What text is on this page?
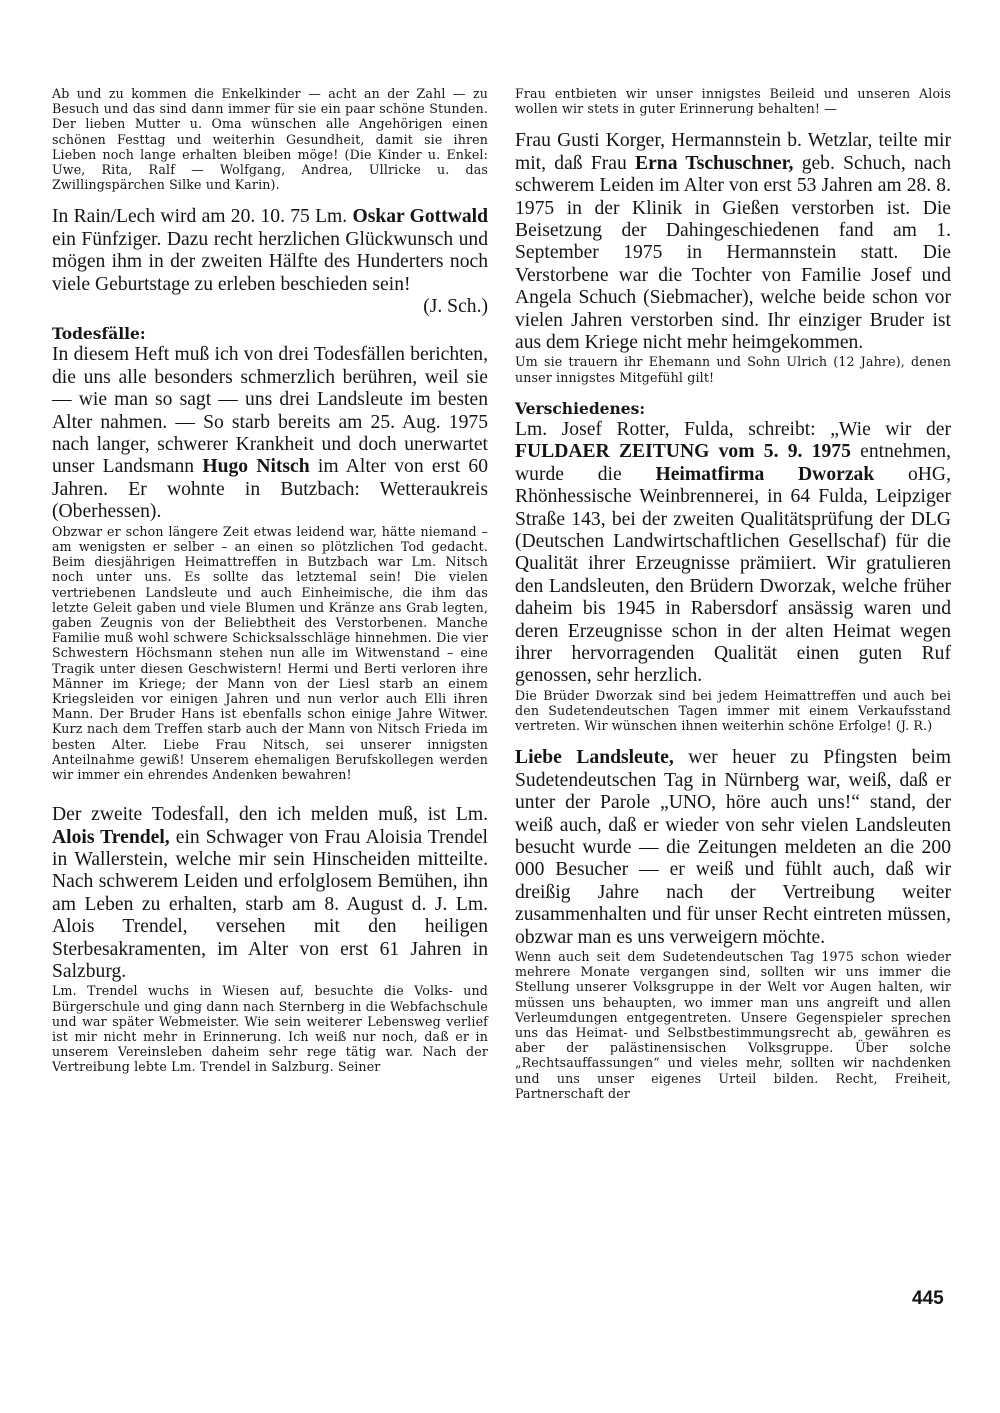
Ab und zu kommen die Enkelkinder — acht an der Zahl — zu Besuch und das sind dann immer für sie ein paar schöne Stunden. Der lieben Mutter u. Oma wünschen alle Angehörigen einen schönen Festtag und weiterhin Gesundheit, damit sie ihren Lieben noch lange erhalten bleiben möge! (Die Kinder u. Enkel: Uwe, Rita, Ralf — Wolfgang, Andrea, Ullricke u. das Zwillingspärchen Silke und Karin).

In Rain/Lech wird am 20. 10. 75 Lm. Oskar Gottwald ein Fünfziger. Dazu recht herzlichen Glückwunsch und mögen ihm in der zweiten Hälfte des Hunderters noch viele Geburtstage zu erleben beschieden sein!

(J. Sch.)
Todesfälle:

In diesem Heft muß ich von drei Todesfällen berichten, die uns alle besonders schmerzlich berühren, weil sie — wie man so sagt — uns drei Landsleute im besten Alter nahmen. — So starb bereits am 25. Aug. 1975 nach langer, schwerer Krankheit und doch unerwartet unser Landsmann Hugo Nitsch im Alter von erst 60 Jahren. Er wohnte in Butzbach: Wetteraukreis (Oberhessen).

Obzwar er schon längere Zeit etwas leidend war, hätte niemand – am wenigsten er selber – an einen so plötzlichen Tod gedacht. Beim diesjährigen Heimattreffen in Butzbach war Lm. Nitsch noch unter uns. Es sollte das letztemal sein! Die vielen vertriebenen Landsleute und auch Einheimische, die ihm das letzte Geleit gaben und viele Blumen und Kränze ans Grab legten, gaben Zeugnis von der Beliebtheit des Verstorbenen. Manche Familie muß wohl schwere Schicksalsschläge hinnehmen. Die vier Schwestern Höchsmann stehen nun alle im Witwenstand – eine Tragik unter diesen Geschwistern! Hermi und Berti verloren ihre Männer im Kriege; der Mann von der Liesl starb an einem Kriegsleiden vor einigen Jahren und nun verlor auch Elli ihren Mann. Der Bruder Hans ist ebenfalls schon einige Jahre Witwer. Kurz nach dem Treffen starb auch der Mann von Nitsch Frieda im besten Alter. Liebe Frau Nitsch, sei unserer innigsten Anteilnahme gewiß! Unserem ehemaligen Berufskollegen werden wir immer ein ehrendes Andenken bewahren!

Der zweite Todesfall, den ich melden muß, ist Lm. Alois Trendel, ein Schwager von Frau Aloisia Trendel in Wallerstein, welche mir sein Hinscheiden mitteilte. Nach schwerem Leiden und erfolglosem Bemühen, ihn am Leben zu erhalten, starb am 8. August d. J. Lm. Alois Trendel, versehen mit den heiligen Sterbesakramenten, im Alter von erst 61 Jahren in Salzburg.

Lm. Trendel wuchs in Wiesen auf, besuchte die Volks- und Bürgerschule und ging dann nach Sternberg in die Webfachschule und war später Webmeister. Wie sein weiterer Lebensweg verlief ist mir nicht mehr in Erinnerung. Ich weiß nur noch, daß er in unserem Vereinsleben daheim sehr rege tätig war. Nach der Vertreibung lebte Lm. Trendel in Salzburg. Seiner

Frau entbieten wir unser innigstes Beileid und unseren Alois wollen wir stets in guter Erinnerung behalten! —

Frau Gusti Korger, Hermannstein b. Wetzlar, teilte mir mit, daß Frau Erna Tschuschner, geb. Schuch, nach schwerem Leiden im Alter von erst 53 Jahren am 28. 8. 1975 in der Klinik in Gießen verstorben ist. Die Beisetzung der Dahingeschiedenen fand am 1. September 1975 in Hermannstein statt. Die Verstorbene war die Tochter von Familie Josef und Angela Schuch (Siebmacher), welche beide schon vor vielen Jahren verstorben sind. Ihr einziger Bruder ist aus dem Kriege nicht mehr heimgekommen.

Um sie trauern ihr Ehemann und Sohn Ulrich (12 Jahre), denen unser innigstes Mitgefühl gilt!

Verschiedenes:

Lm. Josef Rotter, Fulda, schreibt: „Wie wir der FULDAER ZEITUNG vom 5. 9. 1975 entnehmen, wurde die Heimatfirma Dworzak oHG, Rhönhessische Weinbrennerei, in 64 Fulda, Leipziger Straße 143, bei der zweiten Qualitätsprüfung der DLG (Deutschen Landwirtschaftlichen Gesellschaf) für die Qualität ihrer Erzeugnisse prämiiert. Wir gratulieren den Landsleuten, den Brüdern Dworzak, welche früher daheim bis 1945 in Rabersdorf ansässig waren und deren Erzeugnisse schon in der alten Heimat wegen ihrer hervorragenden Qualität einen guten Ruf genossen, sehr herzlich.

Die Brüder Dworzak sind bei jedem Heimattreffen und auch bei den Sudetendeutschen Tagen immer mit einem Verkaufsstand vertreten. Wir wünschen ihnen weiterhin schöne Erfolge! (J. R.)

Liebe Landsleute, wer heuer zu Pfingsten beim Sudetendeutschen Tag in Nürnberg war, weiß, daß er unter der Parole „UNO, höre auch uns!“ stand, der weiß auch, daß er wieder von sehr vielen Landsleuten besucht wurde — die Zeitungen meldeten an die 200 000 Besucher — er weiß und fühlt auch, daß wir dreißig Jahre nach der Vertreibung weiter zusammenhalten und für unser Recht eintreten müssen, obzwar man es uns verweigern möchte.

Wenn auch seit dem Sudetendeutschen Tag 1975 schon wieder mehrere Monate vergangen sind, sollten wir uns immer die Stellung unserer Volksgruppe in der Welt vor Augen halten, wir müssen uns behaupten, wo immer man uns angreift und allen Verleumdungen entgegentreten. Unsere Gegenspieler sprechen uns das Heimat- und Selbstbestimmungsrecht ab, gewähren es aber der palästinensischen Volksgruppe. Über solche „Rechtsauffassungen“ und vieles mehr, sollten wir nachdenken und uns unser eigenes Urteil bilden. Recht, Freiheit, Partnerschaft der

445
